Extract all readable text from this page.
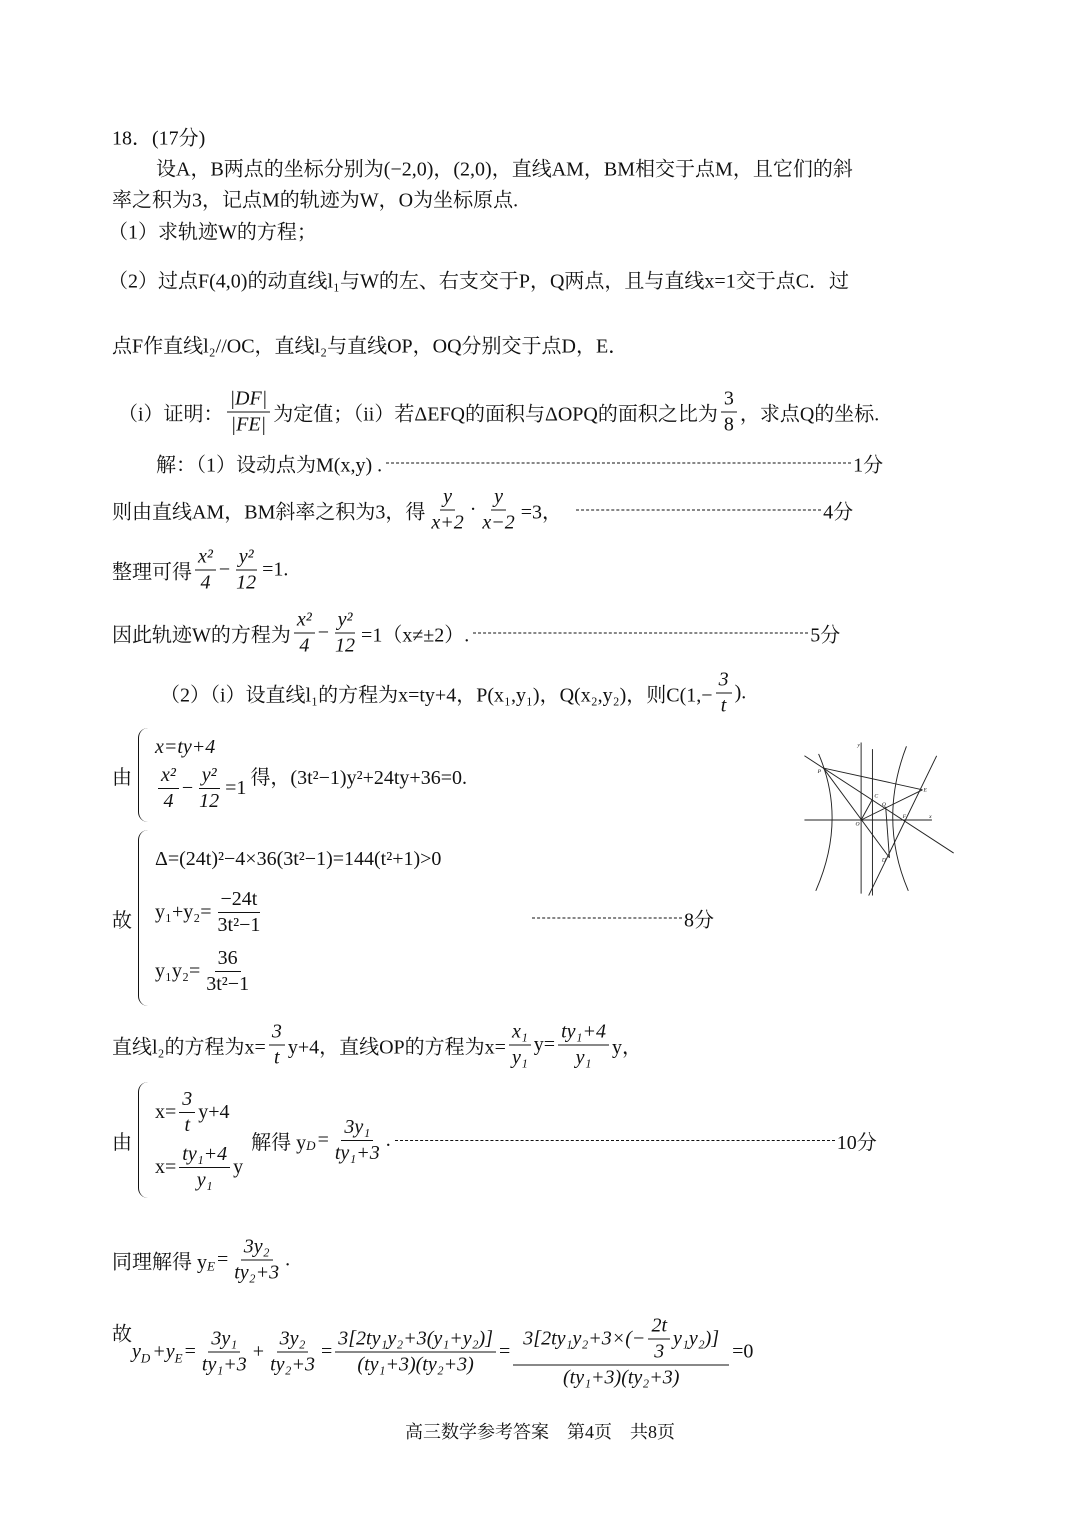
18．(17分)
设A，B两点的坐标分别为(−2,0)，(2,0)，直线AM，BM相交于点M，且它们的斜
率之积为3，记点M的轨迹为W，O为坐标原点.
（1）求轨迹W的方程；
（2）过点F(4,0)的动直线l₁与W的左、右支交于P，Q两点，且与直线x=1交于点C．过
点F作直线l₂//OC，直线l₂与直线OP，OQ分别交于点D，E．
（i）证明： $\frac{|DF|}{|FE|}$ 为定值；（ii）若ΔEFQ的面积与ΔOPQ的面积之比为 $\frac{3}{8}$ ，求点Q的坐标.
解：（1）设动点为M(x,y) .	1分
则由直线AM，BM斜率之积为3，得 $\frac{y}{x+2} \cdot \frac{y}{x-2} =3$，	4分
整理可得 $\frac{\text{x²}}{4} - \frac{\text{y²}}{12} =1$.
因此轨迹W的方程为 $\frac{\text{x²}}{4} - \frac{\text{y²}}{12} =1(x\ne\pm 2)$.	5分
（2）（i）设直线l₁的方程为x=ty+4，P(x₁,y₁)，Q(x₂,y₂)，则$C(1,- \frac{3}{t}$ ).
由
x=ty+4
$\frac{\text{x²}}{4} - \frac{\text{y²}}{12} =1$ 得，(3t²−1)y²+24ty+36=0.
故
Δ=(24t)²−4×36(3t²−1)=144(t²+1)>0
$y_1+y_2= \frac{-24t}{\text{3t²−1}}$
$y_1y_2= \frac{36}{\text{3t²−1}}$
8分
直线l₂的方程为$x= \frac{3}{t} y+4$，直线OP的方程为$x= \frac{\text{x₁}}{\text{y₁}} y= \frac{\text{ty₁+4}}{\text{y₁}}$ y，
由
$x= \frac{3}{t} y+4$
$x= \frac{\text{ty₁+4}}{\text{y₁}}$ y
解得 y $D = \frac{\text{3y₁}}{\text{ty₁+3}}$ .	10分
同理解得 y $E = \frac{\text{3y₂}}{\text{ty₂+3}}$ .
故
y D +y $E = \frac{\text{3y₁}}{\text{ty₁+3}} + \frac{\text{3y₂}}{\text{ty₂+3}} = \frac{\text{3[2ty₁y₂+3(y₁+y₂)]}}{\text{(ty₁+3)(ty₂+3)}} = \frac{3[2ty_1y_2+3\times(- \frac{2t}{3} y_1y_2)]}{\text{(ty₁+3)(ty₂+3)}} =0$
P
C
Q
E
O
F
D
x
y
高三数学参考答案　第4页　共8页
